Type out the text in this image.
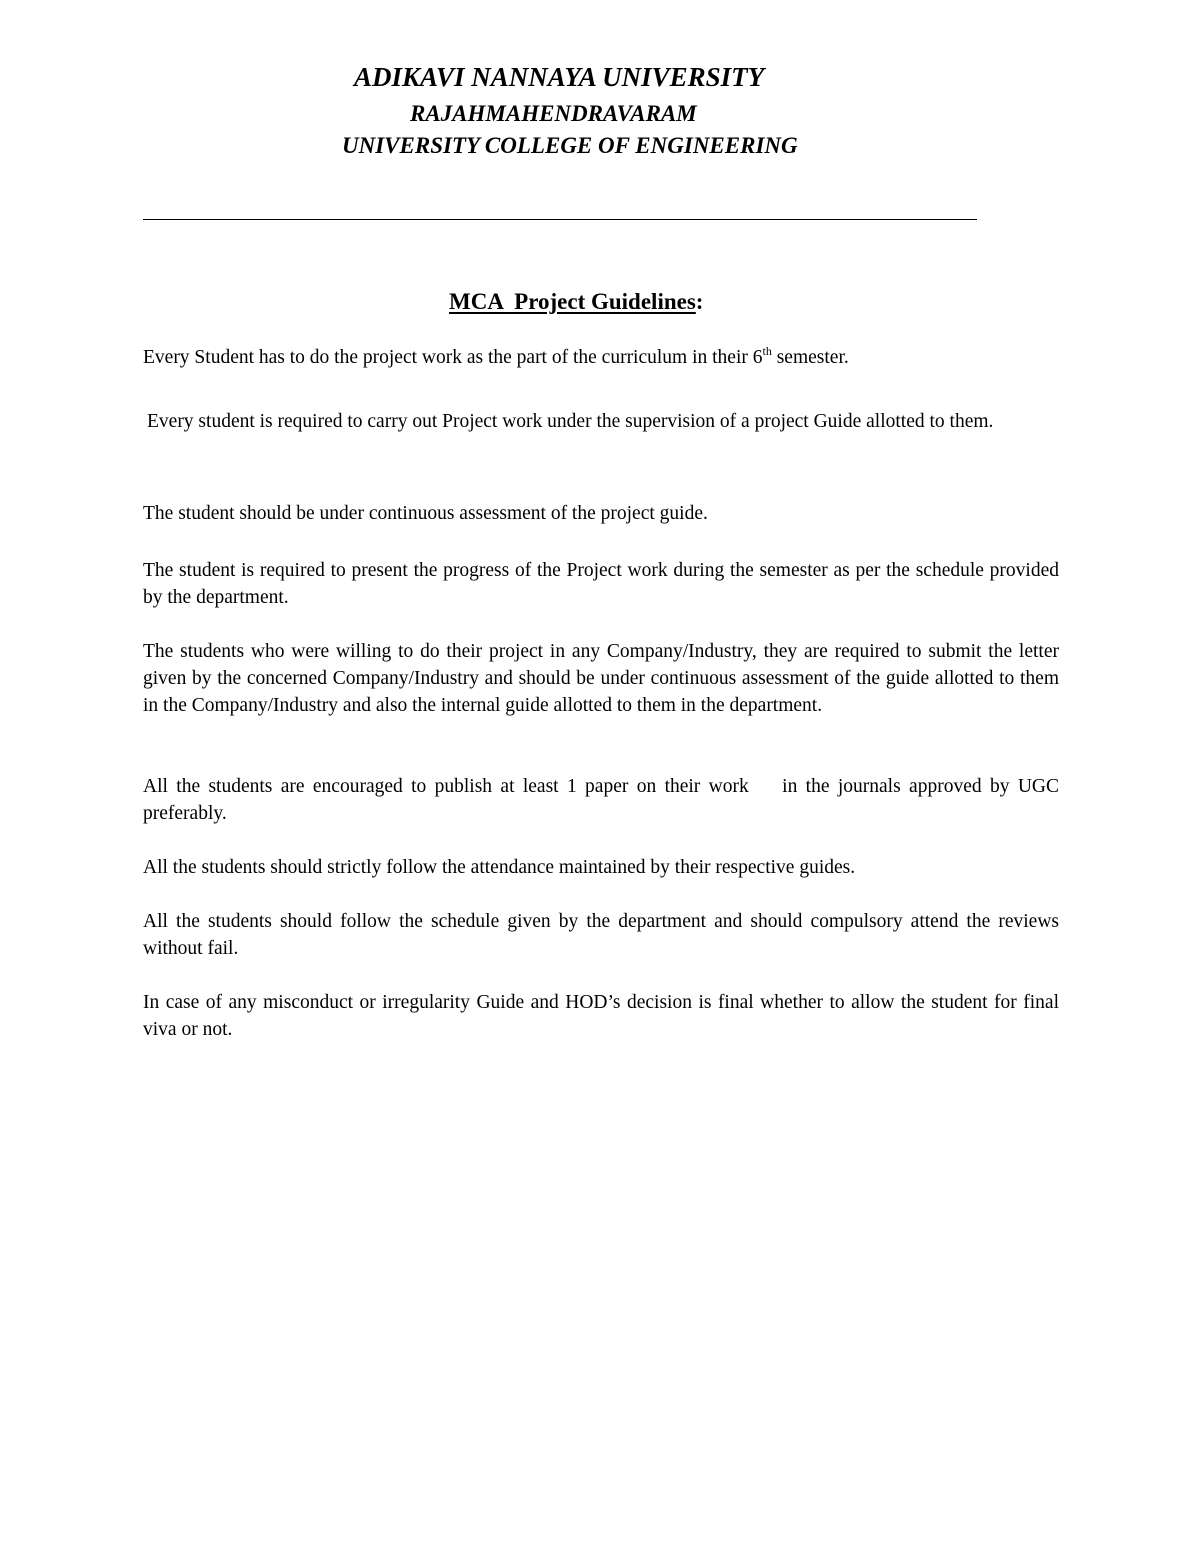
ADIKAVI NANNAYA UNIVERSITY
RAJAHMAHENDRAVARAM
UNIVERSITY COLLEGE OF ENGINEERING
MCA  Project Guidelines:
Every Student has to do the project work as the part of the curriculum in their 6th semester.
Every student is required to carry out Project work under the supervision of a project Guide allotted to them.
The student should be under continuous assessment of the project guide.
The student is required to present the progress of the Project work during the semester as per the schedule provided by the department.
The students who were willing to do their project in any Company/Industry, they are required to submit the letter given by the concerned Company/Industry and should be under continuous assessment of the guide allotted to them in the Company/Industry and also the internal guide allotted to them in the department.
All the students are encouraged to publish at least 1 paper on their work    in the journals approved by UGC preferably.
All the students should strictly follow the attendance maintained by their respective guides.
All the students should follow the schedule given by the department and should compulsory attend the reviews without fail.
In case of any misconduct or irregularity Guide and HOD’s decision is final whether to allow the student for final viva or not.
